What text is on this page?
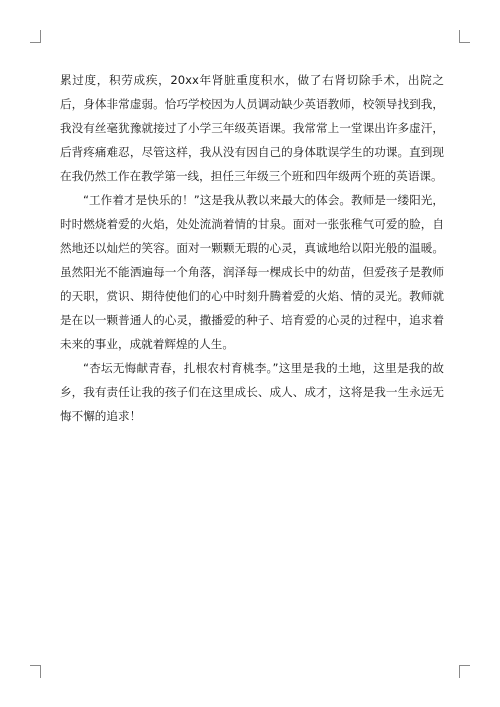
累过度，积劳成疾，20xx年肾脏重度积水，做了右肾切除手术，出院之后，身体非常虚弱。恰巧学校因为人员调动缺少英语教师，校领导找到我，我没有丝毫犹豫就接过了小学三年级英语课。我常常上一堂课出许多虚汗，后背疼痛难忍，尽管这样，我从没有因自己的身体耽误学生的功课。直到现在我仍然工作在教学第一线，担任三年级三个班和四年级两个班的英语课。

“工作着才是快乐的！”这是我从教以来最大的体会。教师是一缕阳光，时时燃烧着爱的火焰，处处流淌着情的甘泉。面对一张张稚气可爱的脸，自然地还以灿烂的笑容。面对一颗颗无瑕的心灵，真诚地给以阳光般的温暖。虽然阳光不能洒遍每一个角落，润泽每一棵成长中的幼苗，但爱孩子是教师的天职，赏识、期待使他们的心中时刻升腾着爱的火焰、情的灵光。教师就是在以一颗普通人的心灵，撒播爱的种子、培育爱的心灵的过程中，追求着未来的事业，成就着辉煌的人生。

“杏坛无悔献青春，扎根农村育桃李。”这里是我的土地，这里是我的故乡，我有责任让我的孩子们在这里成长、成人、成才，这将是我一生永远无悔不懈的追求！
